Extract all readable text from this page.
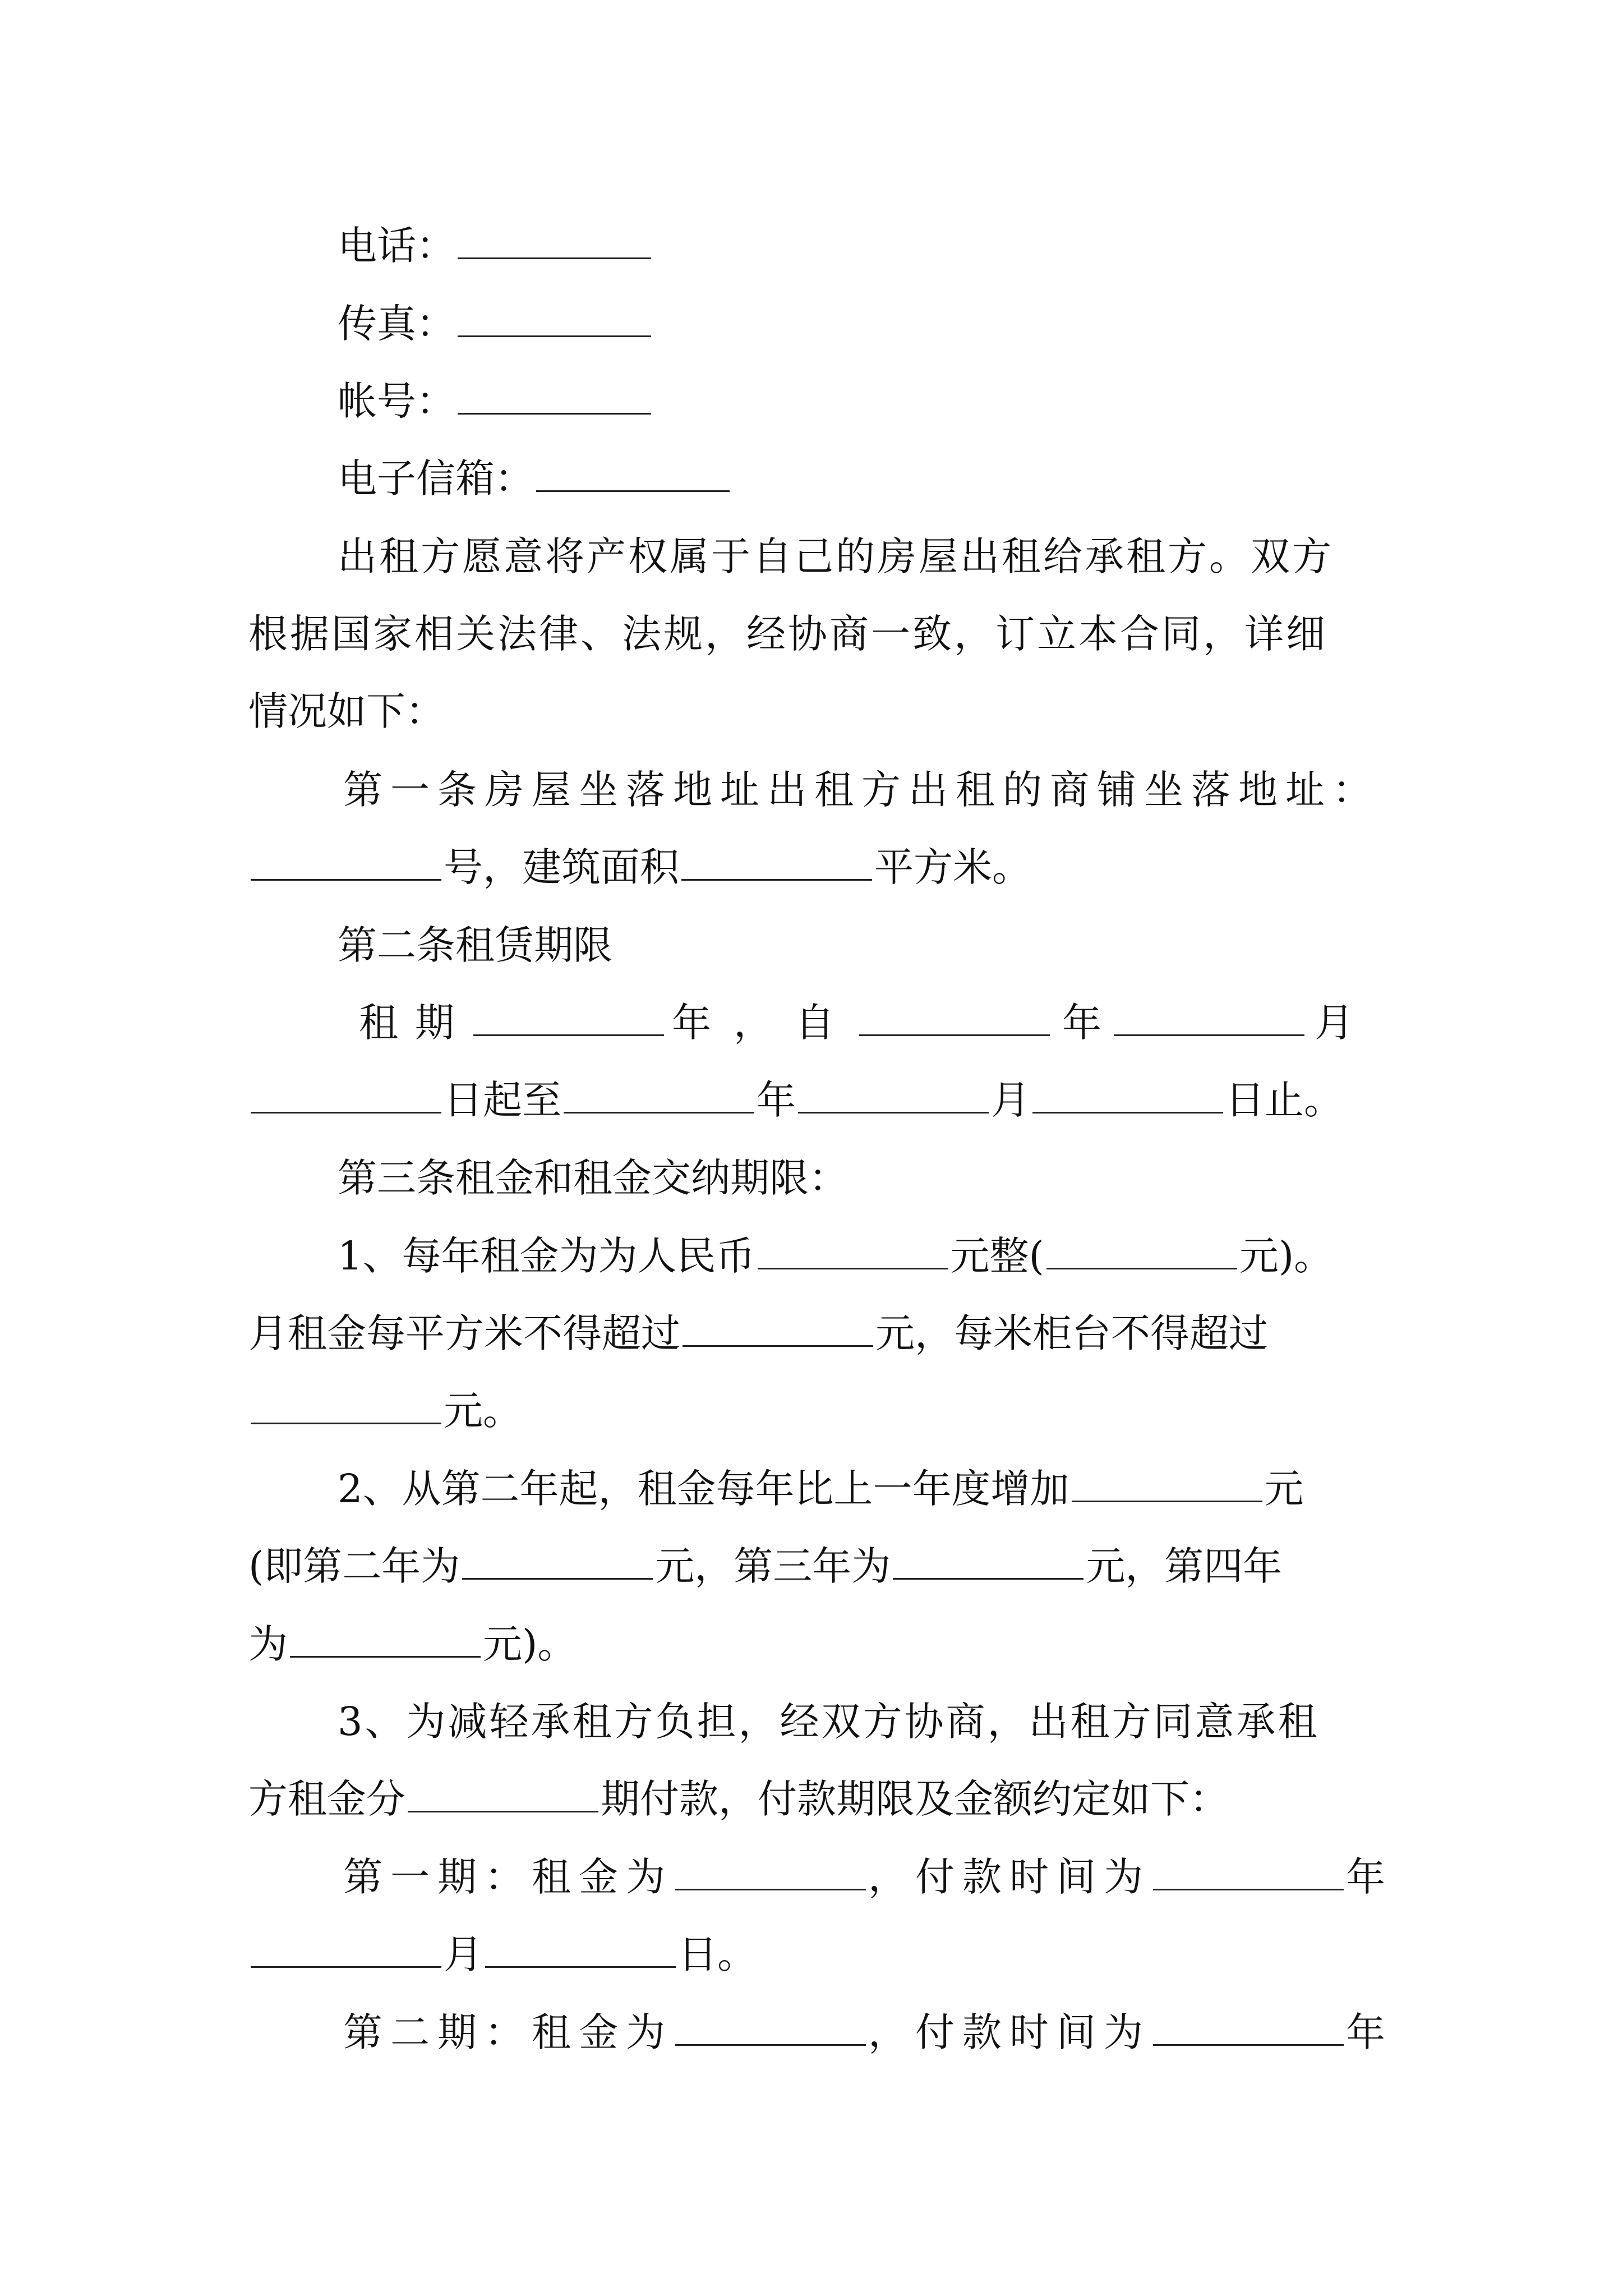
电话：
传真：
帐号：
电子信箱：
出租方愿意将产权属于自己的房屋出租给承租方。双方
根据国家相关法律、法规，经协商一致，订立本合同，详细
情况如下：
第一条房屋坐落地址出租方出租的商铺坐落地址：
号，建筑面积	平方米。
第二条租赁期限
租期	年，自	年	月
日起至	年	月	日止。
第三条租金和租金交纳期限：
1、每年租金为为人民币	元整(	元)。
月租金每平方米不得超过	元，每米柜台不得超过
元。
2、从第二年起，租金每年比上一年度增加	元
(即第二年为	元，第三年为	元，第四年
为	元)。
3、为减轻承租方负担，经双方协商，出租方同意承租
方租金分	期付款，付款期限及金额约定如下：
第一期：租金为	，付款时间为	年
月	日。
第二期：租金为	，付款时间为	年
